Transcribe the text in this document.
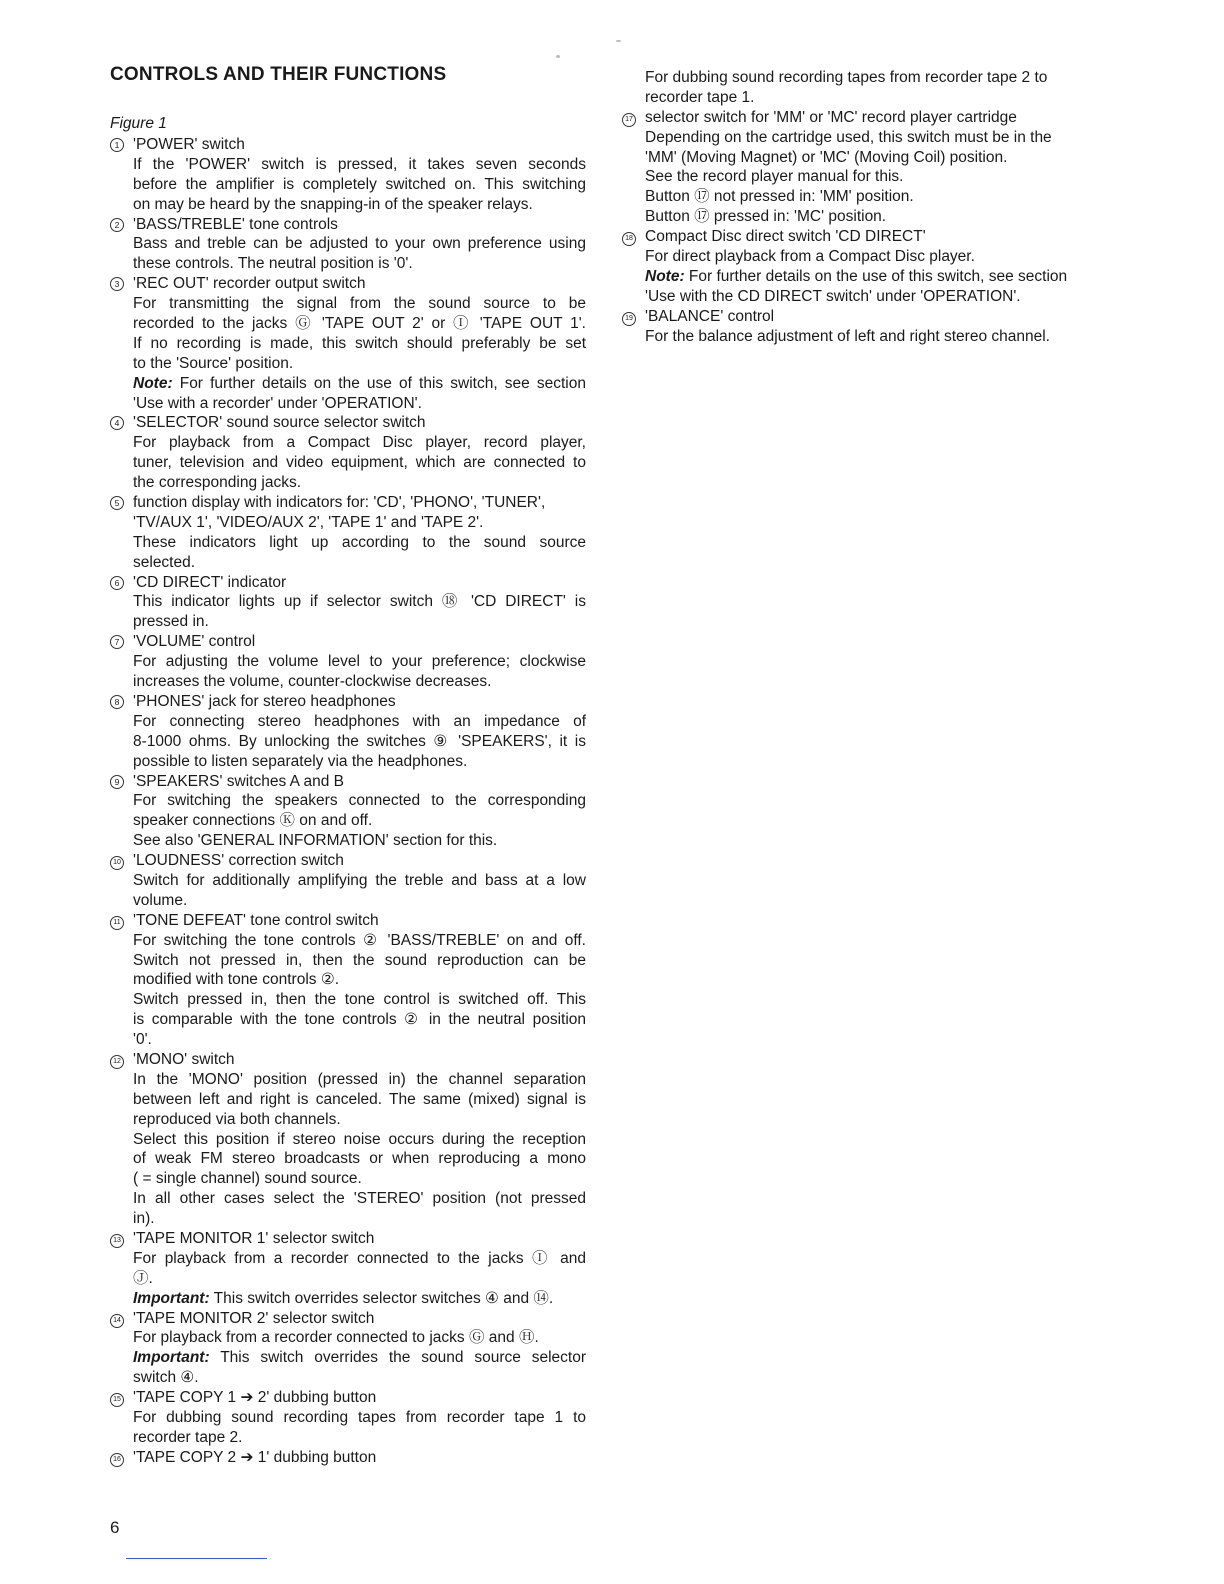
CONTROLS AND THEIR FUNCTIONS
Figure 1
1 'POWER' switch
If the 'POWER' switch is pressed, it takes seven seconds
before the amplifier is completely switched on. This switching
on may be heard by the snapping-in of the speaker relays.
2 'BASS/TREBLE' tone controls
Bass and treble can be adjusted to your own preference using
these controls. The neutral position is '0'.
3 'REC OUT' recorder output switch
For transmitting the signal from the sound source to be
recorded to the jacks Ⓖ 'TAPE OUT 2' or Ⓘ 'TAPE OUT 1'.
If no recording is made, this switch should preferably be set
to the 'Source' position.
Note: For further details on the use of this switch, see section
'Use with a recorder' under 'OPERATION'.
4 'SELECTOR' sound source selector switch
For playback from a Compact Disc player, record player,
tuner, television and video equipment, which are connected to
the corresponding jacks.
5 function display with indicators for: 'CD', 'PHONO', 'TUNER',
'TV/AUX 1', 'VIDEO/AUX 2', 'TAPE 1' and 'TAPE 2'.
These indicators light up according to the sound source
selected.
6 'CD DIRECT' indicator
This indicator lights up if selector switch ⑱ 'CD DIRECT' is
pressed in.
7 'VOLUME' control
For adjusting the volume level to your preference; clockwise
increases the volume, counter-clockwise decreases.
8 'PHONES' jack for stereo headphones
For connecting stereo headphones with an impedance of
8-1000 ohms. By unlocking the switches ⑨ 'SPEAKERS', it is
possible to listen separately via the headphones.
9 'SPEAKERS' switches A and B
For switching the speakers connected to the corresponding
speaker connections Ⓚ on and off.
See also 'GENERAL INFORMATION' section for this.
10 'LOUDNESS' correction switch
Switch for additionally amplifying the treble and bass at a low
volume.
11 'TONE DEFEAT' tone control switch
For switching the tone controls ② 'BASS/TREBLE' on and off.
Switch not pressed in, then the sound reproduction can be
modified with tone controls ②.
Switch pressed in, then the tone control is switched off. This
is comparable with the tone controls ② in the neutral position
'0'.
12 'MONO' switch
In the 'MONO' position (pressed in) the channel separation
between left and right is canceled. The same (mixed) signal is
reproduced via both channels.
Select this position if stereo noise occurs during the reception
of weak FM stereo broadcasts or when reproducing a mono
( = single channel) sound source.
In all other cases select the 'STEREO' position (not pressed
in).
13 'TAPE MONITOR 1' selector switch
For playback from a recorder connected to the jacks Ⓘ and
Ⓙ.
Important: This switch overrides selector switches ④ and ⑭.
14 'TAPE MONITOR 2' selector switch
For playback from a recorder connected to jacks Ⓖ and Ⓗ.
Important: This switch overrides the sound source selector
switch ④.
15 'TAPE COPY 1 ➔ 2' dubbing button
For dubbing sound recording tapes from recorder tape 1 to
recorder tape 2.
16 'TAPE COPY 2 ➔ 1' dubbing button
For dubbing sound recording tapes from recorder tape 2 to
recorder tape 1.
17 selector switch for 'MM' or 'MC' record player cartridge
Depending on the cartridge used, this switch must be in the
'MM' (Moving Magnet) or 'MC' (Moving Coil) position.
See the record player manual for this.
Button ⑰ not pressed in: 'MM' position.
Button ⑰ pressed in: 'MC' position.
18 Compact Disc direct switch 'CD DIRECT'
For direct playback from a Compact Disc player.
Note: For further details on the use of this switch, see section
'Use with the CD DIRECT switch' under 'OPERATION'.
19 'BALANCE' control
For the balance adjustment of left and right stereo channel.
6
